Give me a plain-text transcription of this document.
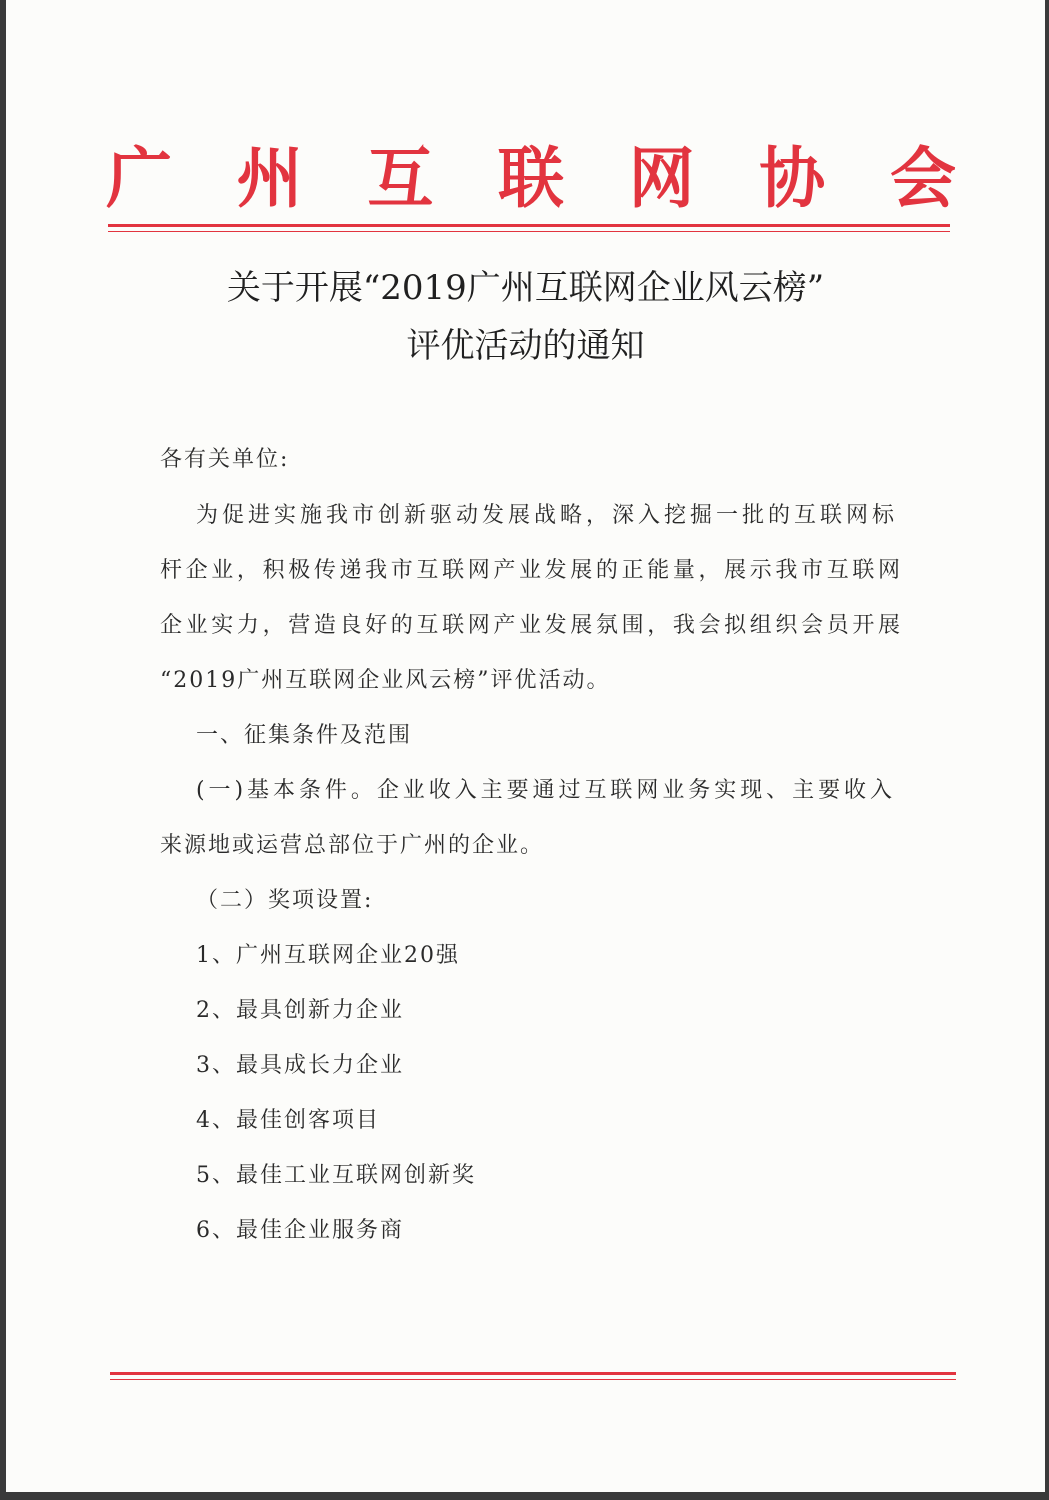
广 州 互 联 网 协 会
关于开展“2019广州互联网企业风云榜”
评优活动的通知
各有关单位:
为促进实施我市创新驱动发展战略，深入挖掘一批的互联网标
杆企业，积极传递我市互联网产业发展的正能量，展示我市互联网
企业实力，营造良好的互联网产业发展氛围，我会拟组织会员开展
“2019广州互联网企业风云榜”评优活动。
一、征集条件及范围
(一)基本条件。企业收入主要通过互联网业务实现、主要收入
来源地或运营总部位于广州的企业。
（二）奖项设置:
1、广州互联网企业20强
2、最具创新力企业
3、最具成长力企业
4、最佳创客项目
5、最佳工业互联网创新奖
6、最佳企业服务商
